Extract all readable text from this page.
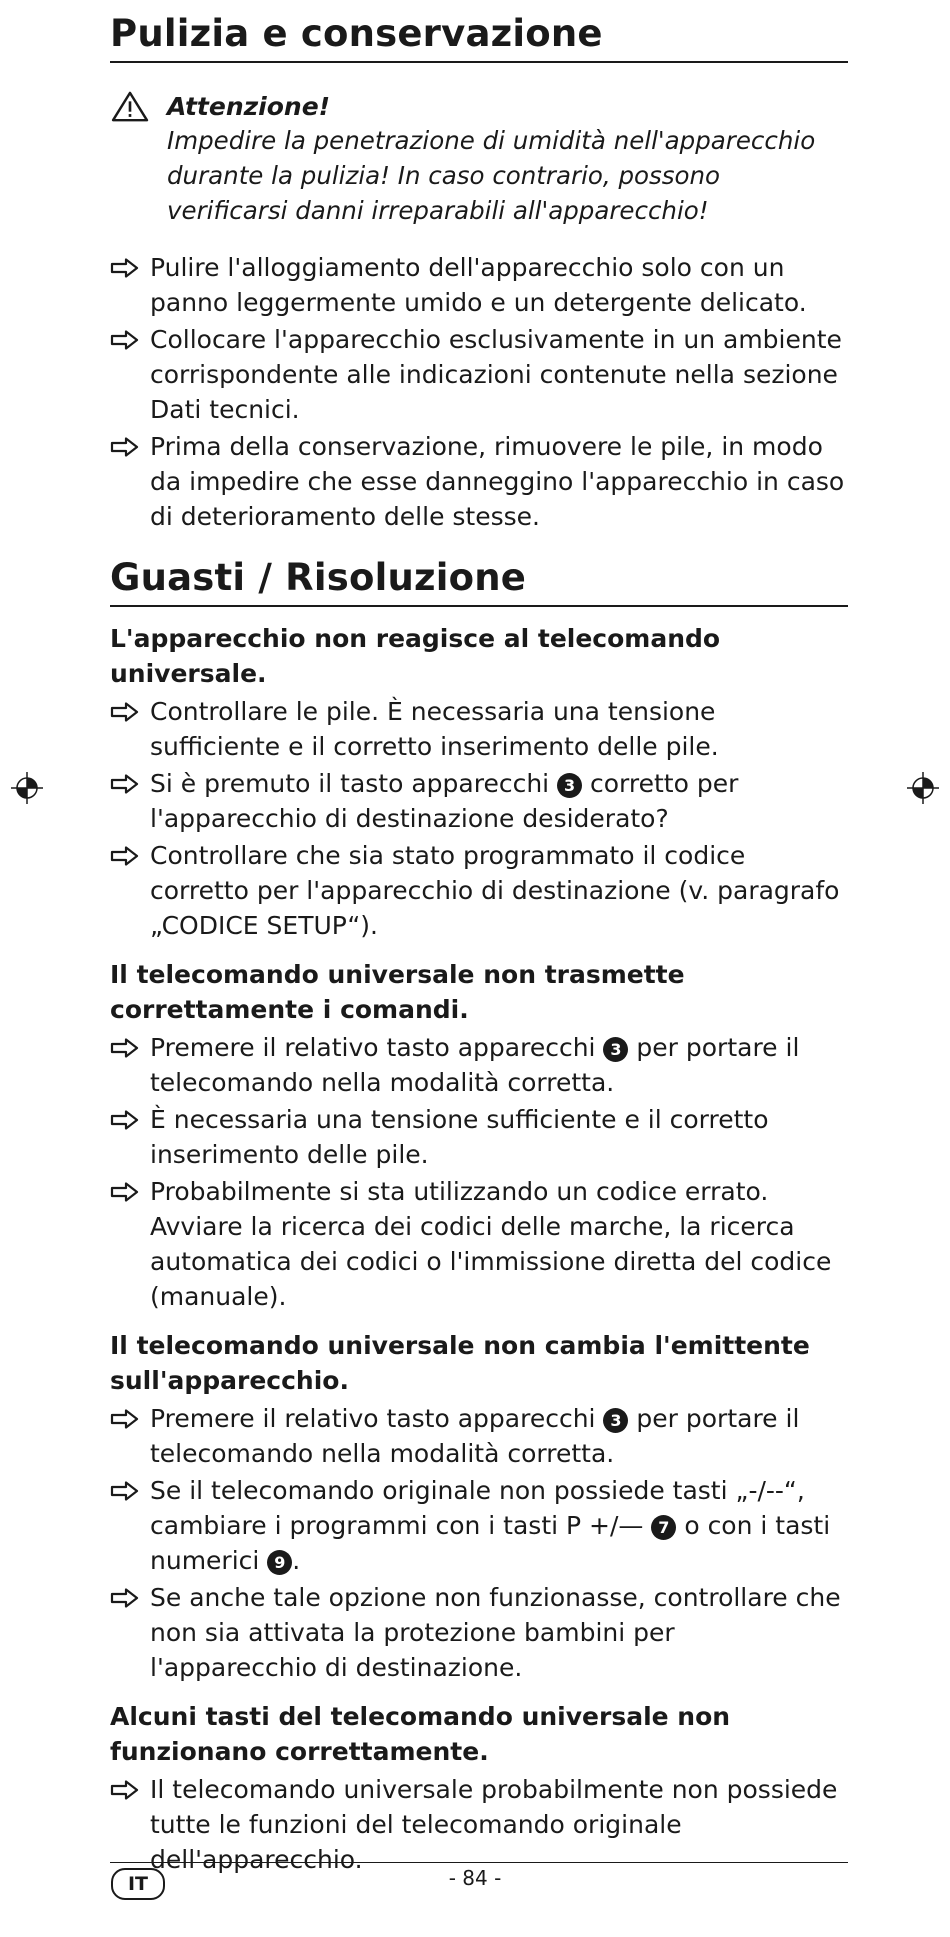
Pulizia e conservazione
Attenzione!
Impedire la penetrazione di umidità nell'apparecchio durante la pulizia! In caso contrario, possono verificarsi danni irreparabili all'apparecchio!
Pulire l'alloggiamento dell'apparecchio solo con un panno leggermente umido e un detergente delicato.
Collocare l'apparecchio esclusivamente in un ambiente corrispondente alle indicazioni contenute nella sezione Dati tecnici.
Prima della conservazione, rimuovere le pile, in modo da impedire che esse danneggino l'apparecchio in caso di deterioramento delle stesse.
Guasti / Risoluzione
L'apparecchio non reagisce al telecomando universale.
Controllare le pile. È necessaria una tensione sufficiente e il corretto inserimento delle pile.
Si è premuto il tasto apparecchi 3 corretto per l'apparecchio di destinazione desiderato?
Controllare che sia stato programmato il codice corretto per l'apparecchio di destinazione (v. paragrafo „CODICE SETUP“).
Il telecomando universale non trasmette correttamente i comandi.
Premere il relativo tasto apparecchi 3 per portare il telecomando nella modalità corretta.
È necessaria una tensione sufficiente e il corretto inserimento delle pile.
Probabilmente si sta utilizzando un codice errato. Avviare la ricerca dei codici delle marche, la ricerca automatica dei codici o l'immissione diretta del codice (manuale).
Il telecomando universale non cambia l'emittente sull'apparecchio.
Premere il relativo tasto apparecchi 3 per portare il telecomando nella modalità corretta.
Se il telecomando originale non possiede tasti „-/--“, cambiare i programmi con i tasti P +/— 7 o con i tasti numerici 9 .
Se anche tale opzione non funzionasse, controllare che non sia attivata la protezione bambini per l'apparecchio di destinazione.
Alcuni tasti del telecomando universale non funzionano correttamente.
Il telecomando universale probabilmente non possiede tutte le funzioni del telecomando originale dell'apparecchio.
IT	- 84 -
